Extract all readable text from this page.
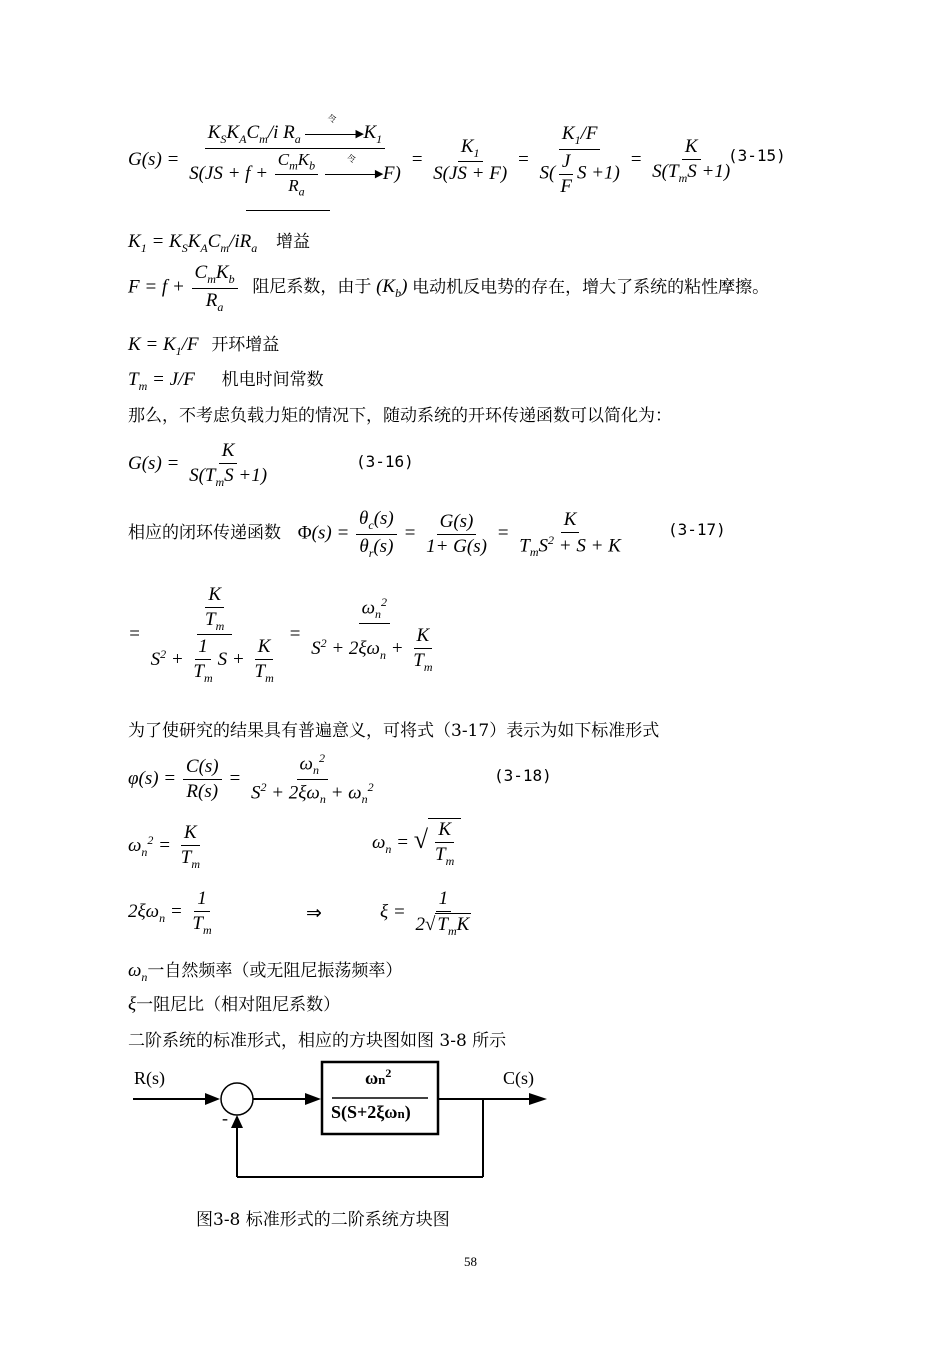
$G(s) = K_SK_AC_m/i$ $R_a$
令
▶ $K_1$
$S(JS + f + \frac{C_mK_b}{R_a}$
	令
▶ $F) = \frac{K_1}{S(JS + F)} = \frac{K_1/F}{S( \frac{J}{F} S +1)} = \frac{K}{S(T_mS +1)}$
(3-15)
$K_1 = K_SK_AC_m/iR_a$ 增益
$F = f + \frac{C_mK_b}{R_a}$ 阻尼系数，由于 $(K_b)$ 电动机反电势的存在，增大了系统的粘性摩擦。
$K = K_1/F$ 开环增益
$T_m = J/F$ 机电时间常数
那么，不考虑负载力矩的情况下，随动系统的开环传递函数可以简化为：
$G(s) = \frac{K}{S(T_mS +1)}$	(3-16)
相应的闭环传递函数 $\Phi(s) = \frac{\theta_c(s)}{\theta_r(s)} = \frac{G(s)}{1+ G(s)} = \frac{K}{T_mS^2 + S + K}$	(3-17)
= $\frac{\frac{K}{T_m}}{S^2 + \frac{1}{T_m} S + \frac{K}{T_m}} = \frac{\omega_n^2}{S^2 + 2\xi\omega_n + \frac{K}{T_m}}$
为了使研究的结果具有普遍意义，可将式（3-17）表示为如下标准形式
$\varphi(s) = \frac{C(s)}{R(s)} = \frac{\omega_n^2}{S^2 + 2\xi\omega_n + \omega_n^2}$	(3-18)
$\omega_n^2 = \frac{K}{T_m}$	$\omega_n$ = √ $\frac{K}{T_m}$
$2\xi\omega_n = \frac{1}{T_m}$	⇒	$\xi = \frac{1}{2√ T_mK}$
$\omega_n$一自然频率（或无阻尼振荡频率）
ξ一阻尼比（相对阻尼系数）
二阶系统的标准形式，相应的方块图如图 3-8 所示
R(s)	C(s)
-
$\omega n^2$
S(S+2ξωn)
图3-8 标准形式的二阶系统方块图
58
